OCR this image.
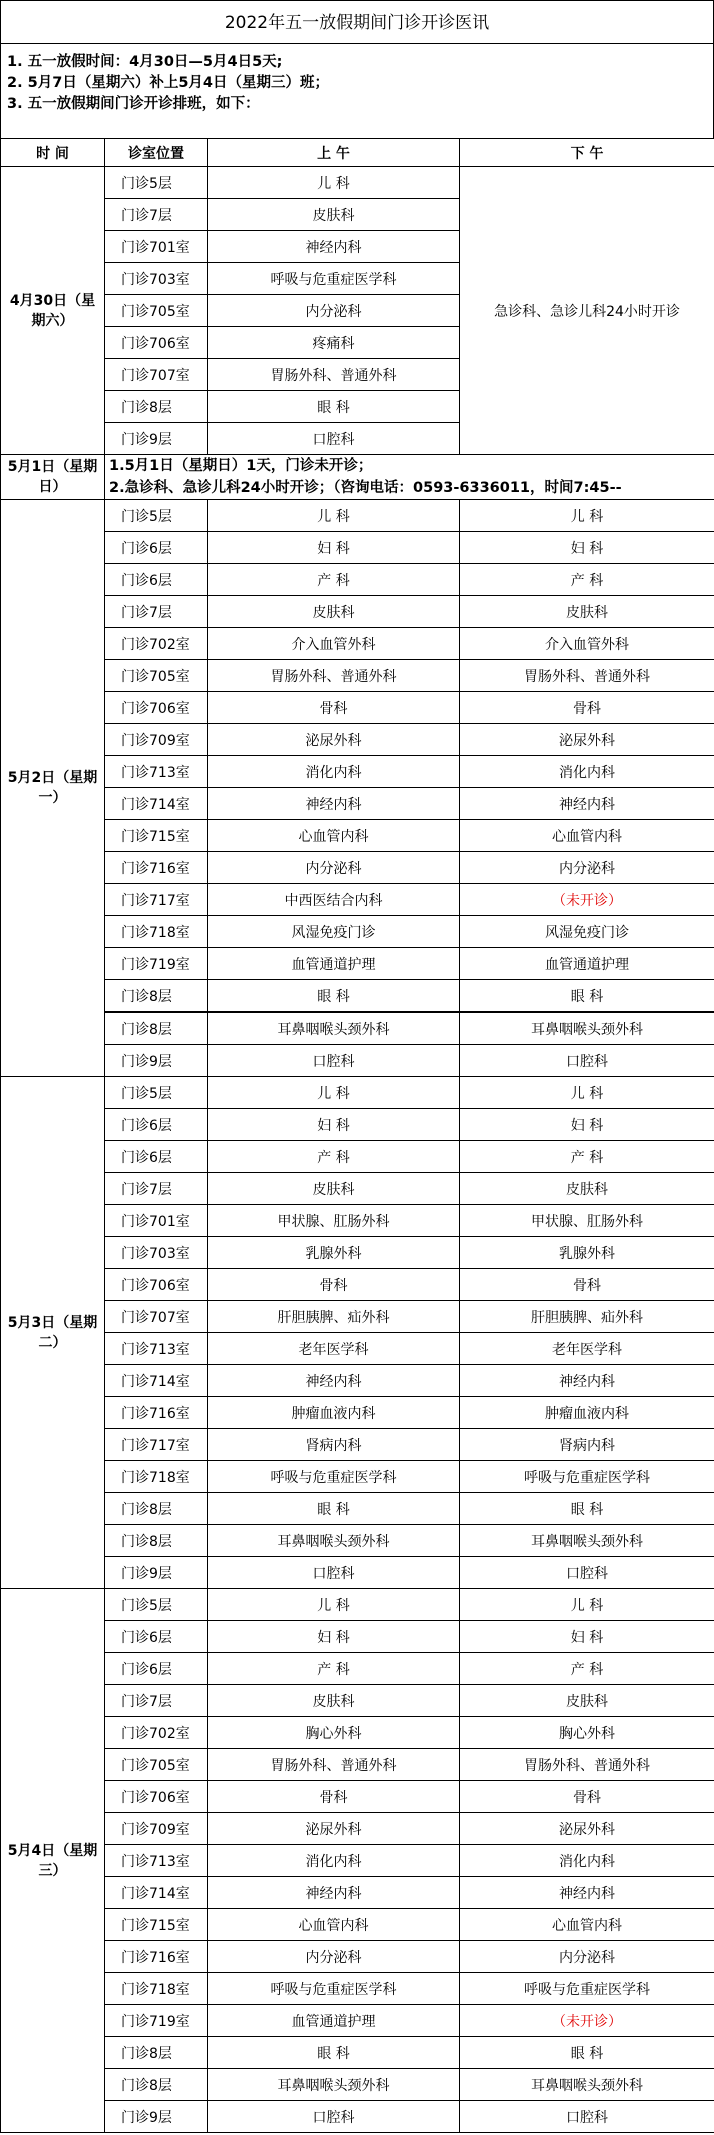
2022年五一放假期间门诊开诊医讯
1. 五一放假时间：4月30日—5月4日5天;
2. 5月7日（星期六）补上5月4日（星期三）班；
3. 五一放假期间门诊开诊排班，如下：
时 间	诊室位置	上 午	下 午
4月30日（星期六）	门诊5层	儿 科	急诊科、急诊儿科24小时开诊
	门诊7层	皮肤科	
	门诊701室	神经内科	
	门诊703室	呼吸与危重症医学科	
	门诊705室	内分泌科	
	门诊706室	疼痛科	
	门诊707室	胃肠外科、普通外科	
	门诊8层	眼 科	
	门诊9层	口腔科	
5月1日（星期日）	1.5月1日（星期日）1天，门诊未开诊；
2.急诊科、急诊儿科24小时开诊；（咨询电话：0593-6336011，时间7:45--		

5月2日（星期一）	门诊5层	儿 科	儿 科
	门诊6层	妇 科	妇 科
	门诊6层	产 科	产 科
	门诊7层	皮肤科	皮肤科
	门诊702室	介入血管外科	介入血管外科
	门诊705室	胃肠外科、普通外科	胃肠外科、普通外科
	门诊706室	骨科	骨科
	门诊709室	泌尿外科	泌尿外科
	门诊713室	消化内科	消化内科
	门诊714室	神经内科	神经内科
	门诊715室	心血管内科	心血管内科
	门诊716室	内分泌科	内分泌科
	门诊717室	中西医结合内科	（未开诊）
	门诊718室	风湿免疫门诊	风湿免疫门诊
	门诊719室	血管通道护理	血管通道护理
	门诊8层	眼 科	眼 科
	门诊8层	耳鼻咽喉头颈外科	耳鼻咽喉头颈外科
	门诊9层	口腔科	口腔科
5月3日（星期二）	门诊5层	儿 科	儿 科
	门诊6层	妇 科	妇 科
	门诊6层	产 科	产 科
	门诊7层	皮肤科	皮肤科
	门诊701室	甲状腺、肛肠外科	甲状腺、肛肠外科
	门诊703室	乳腺外科	乳腺外科
	门诊706室	骨科	骨科
	门诊707室	肝胆胰脾、疝外科	肝胆胰脾、疝外科
	门诊713室	老年医学科	老年医学科
	门诊714室	神经内科	神经内科
	门诊716室	肿瘤血液内科	肿瘤血液内科
	门诊717室	肾病内科	肾病内科
	门诊718室	呼吸与危重症医学科	呼吸与危重症医学科
	门诊8层	眼 科	眼 科
	门诊8层	耳鼻咽喉头颈外科	耳鼻咽喉头颈外科
	门诊9层	口腔科	口腔科
5月4日（星期三）	门诊5层	儿 科	儿 科
	门诊6层	妇 科	妇 科
	门诊6层	产 科	产 科
	门诊7层	皮肤科	皮肤科
	门诊702室	胸心外科	胸心外科
	门诊705室	胃肠外科、普通外科	胃肠外科、普通外科
	门诊706室	骨科	骨科
	门诊709室	泌尿外科	泌尿外科
	门诊713室	消化内科	消化内科
	门诊714室	神经内科	神经内科
	门诊715室	心血管内科	心血管内科
	门诊716室	内分泌科	内分泌科
	门诊718室	呼吸与危重症医学科	呼吸与危重症医学科
	门诊719室	血管通道护理	（未开诊）
	门诊8层	眼 科	眼 科
	门诊8层	耳鼻咽喉头颈外科	耳鼻咽喉头颈外科
	门诊9层	口腔科	口腔科
